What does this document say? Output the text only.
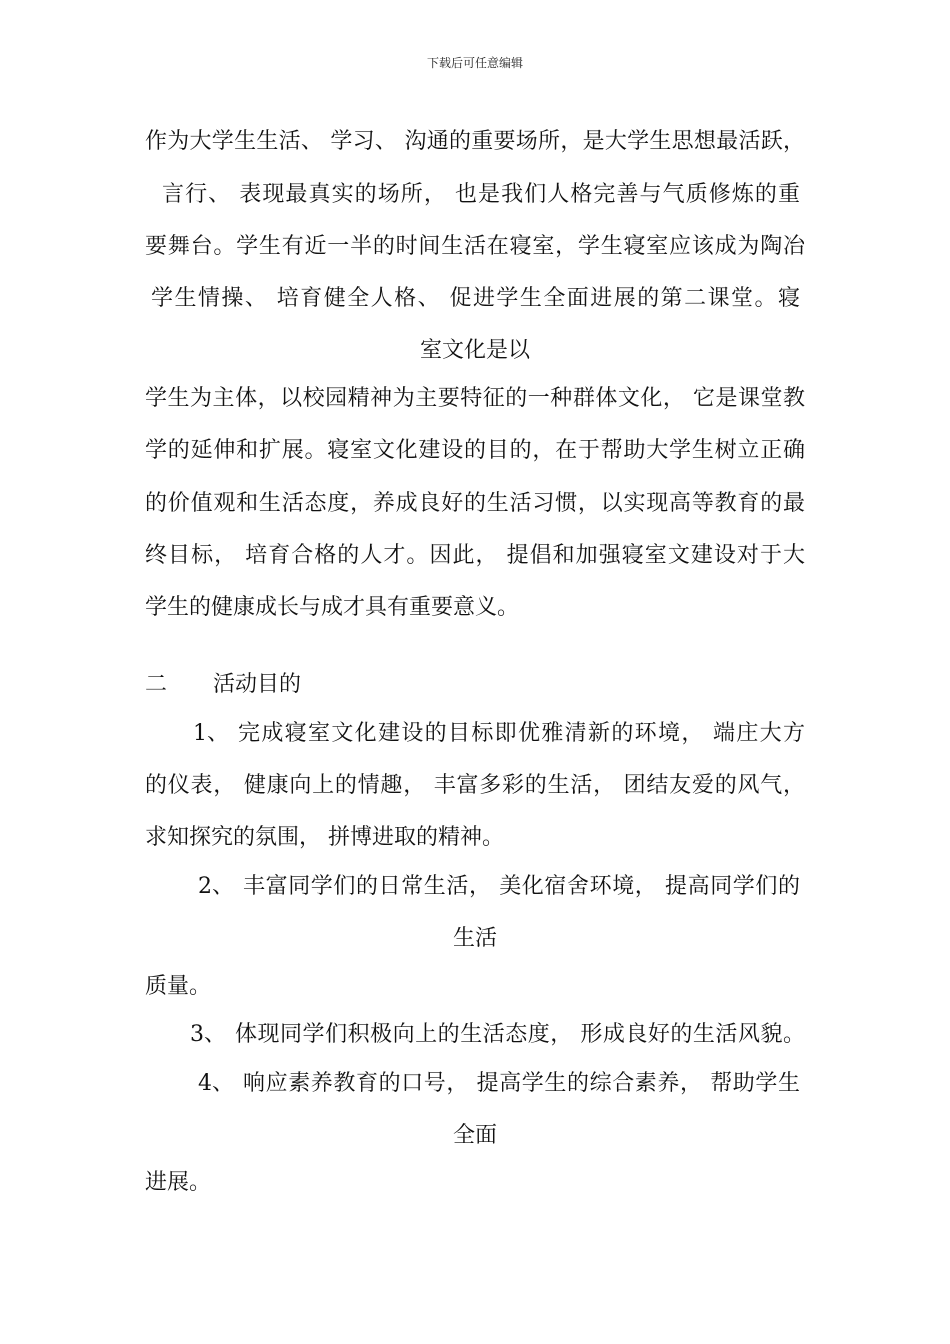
下载后可任意编辑
作为大学生生活、 学习、 沟通的重要场所，是大学生思想最活跃，
言行、 表现最真实的场所， 也是我们人格完善与气质修炼的重
要舞台。学生有近一半的时间生活在寝室，学生寝室应该成为陶冶
学生情操、 培育健全人格、 促进学生全面进展的第二课堂。寝
室文化是以
学生为主体，以校园精神为主要特征的一种群体文化， 它是课堂教
学的延伸和扩展。寝室文化建设的目的，在于帮助大学生树立正确
的价值观和生活态度，养成良好的生活习惯，以实现高等教育的最
终目标， 培育合格的人才。因此， 提倡和加强寝室文建设对于大
学生的健康成长与成才具有重要意义。
二 活动目的
1、 完成寝室文化建设的目标即优雅清新的环境， 端庄大方
的仪表， 健康向上的情趣， 丰富多彩的生活， 团结友爱的风气，
求知探究的氛围， 拼博进取的精神。
2、 丰富同学们的日常生活， 美化宿舍环境， 提高同学们的
生活
质量。
3、 体现同学们积极向上的生活态度， 形成良好的生活风貌。
4、 响应素养教育的口号， 提高学生的综合素养， 帮助学生
全面
进展。
